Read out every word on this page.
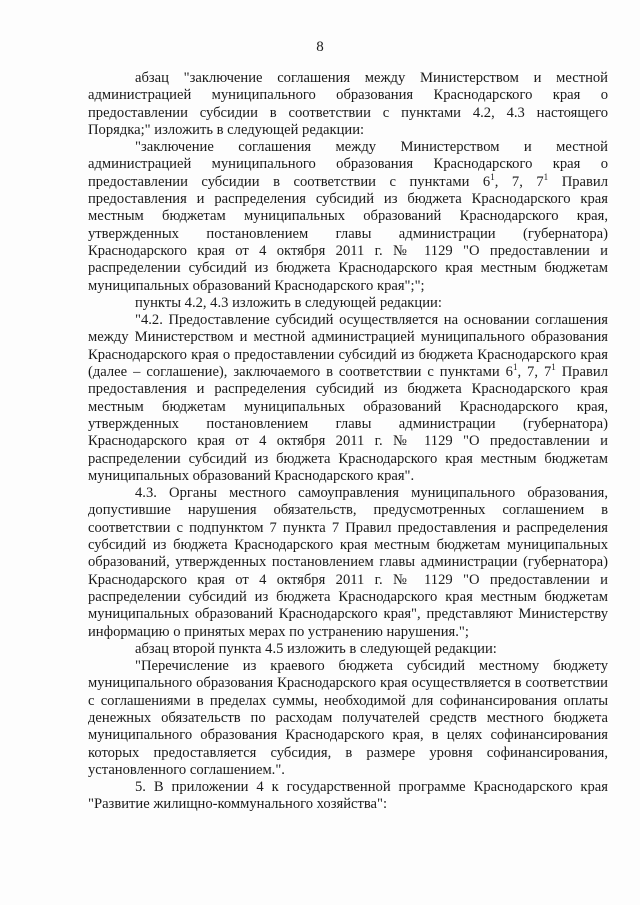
8

абзац "заключение соглашения между Министерством и местной администрацией муниципального образования Краснодарского края о предоставлении субсидии в соответствии с пунктами 4.2, 4.3 настоящего Порядка;" изложить в следующей редакции:

"заключение соглашения между Министерством и местной администрацией муниципального образования Краснодарского края о предоставлении субсидии в соответствии с пунктами $6^1$, 7, $7^1$ Правил предоставления и распределения субсидий из бюджета Краснодарского края местным бюджетам муниципальных образований Краснодарского края, утвержденных постановлением главы администрации (губернатора) Краснодарского края от 4 октября 2011 г. № 1129 "О предоставлении и распределении субсидий из бюджета Краснодарского края местным бюджетам муниципальных образований Краснодарского края";";

пункты 4.2, 4.3 изложить в следующей редакции:

"4.2. Предоставление субсидий осуществляется на основании соглашения между Министерством и местной администрацией муниципального образования Краснодарского края о предоставлении субсидий из бюджета Краснодарского края (далее – соглашение), заключаемого в соответствии с пунктами $6^1$, 7, $7^1$ Правил предоставления и распределения субсидий из бюджета Краснодарского края местным бюджетам муниципальных образований Краснодарского края, утвержденных постановлением главы администрации (губернатора) Краснодарского края от 4 октября 2011 г. № 1129 "О предоставлении и распределении субсидий из бюджета Краснодарского края местным бюджетам муниципальных образований Краснодарского края".

4.3. Органы местного самоуправления муниципального образования, допустившие нарушения обязательств, предусмотренных соглашением в соответствии с подпунктом 7 пункта 7 Правил предоставления и распределения субсидий из бюджета Краснодарского края местным бюджетам муниципальных образований, утвержденных постановлением главы администрации (губернатора) Краснодарского края от 4 октября 2011 г. № 1129 "О предоставлении и распределении субсидий из бюджета Краснодарского края местным бюджетам муниципальных образований Краснодарского края", представляют Министерству информацию о принятых мерах по устранению нарушения.";

абзац второй пункта 4.5 изложить в следующей редакции:

"Перечисление из краевого бюджета субсидий местному бюджету муниципального образования Краснодарского края осуществляется в соответствии с соглашениями в пределах суммы, необходимой для софинансирования оплаты денежных обязательств по расходам получателей средств местного бюджета муниципального образования Краснодарского края, в целях софинансирования которых предоставляется субсидия, в размере уровня софинансирования, установленного соглашением.".

5. В приложении 4 к государственной программе Краснодарского края "Развитие жилищно-коммунального хозяйства":
